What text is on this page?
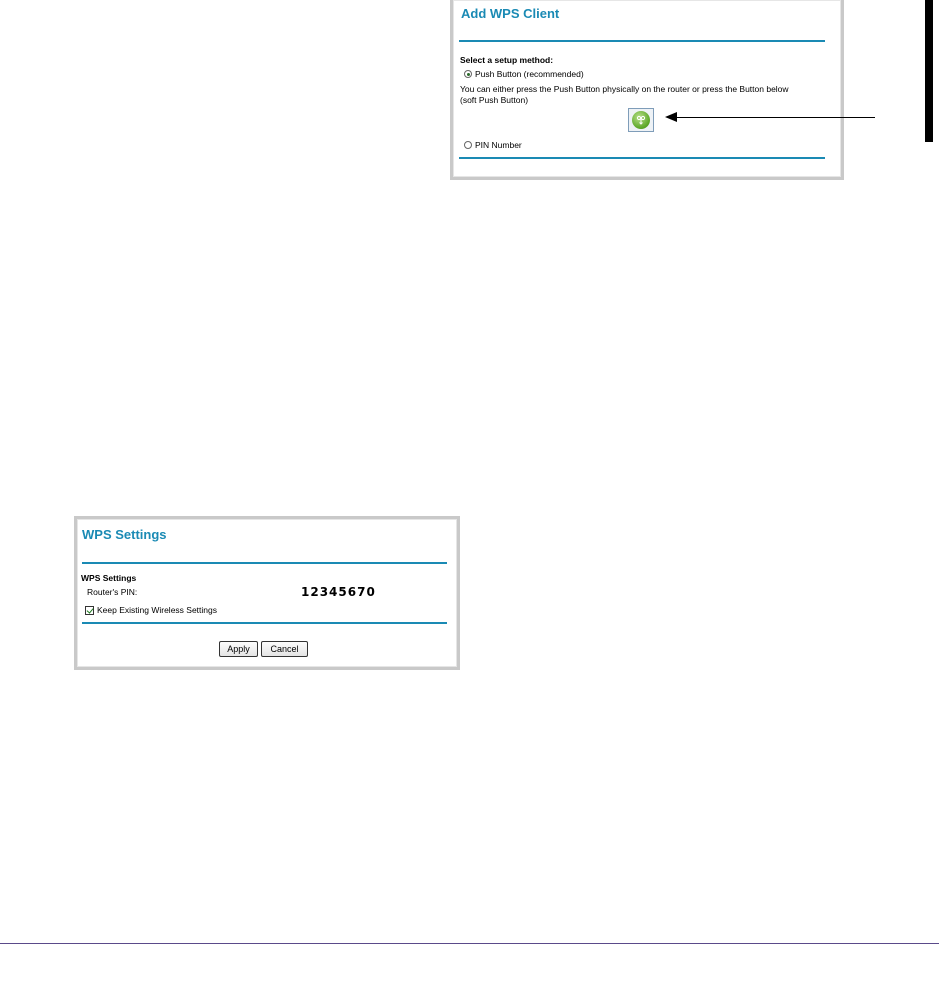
Add WPS Client
Select a setup method:
Push Button (recommended)
You can either press the Push Button physically on the router or press the Button below
(soft Push Button)
PIN Number
WPS Settings
WPS Settings
Router's PIN:	12345670
Keep Existing Wireless Settings
Apply	Cancel
